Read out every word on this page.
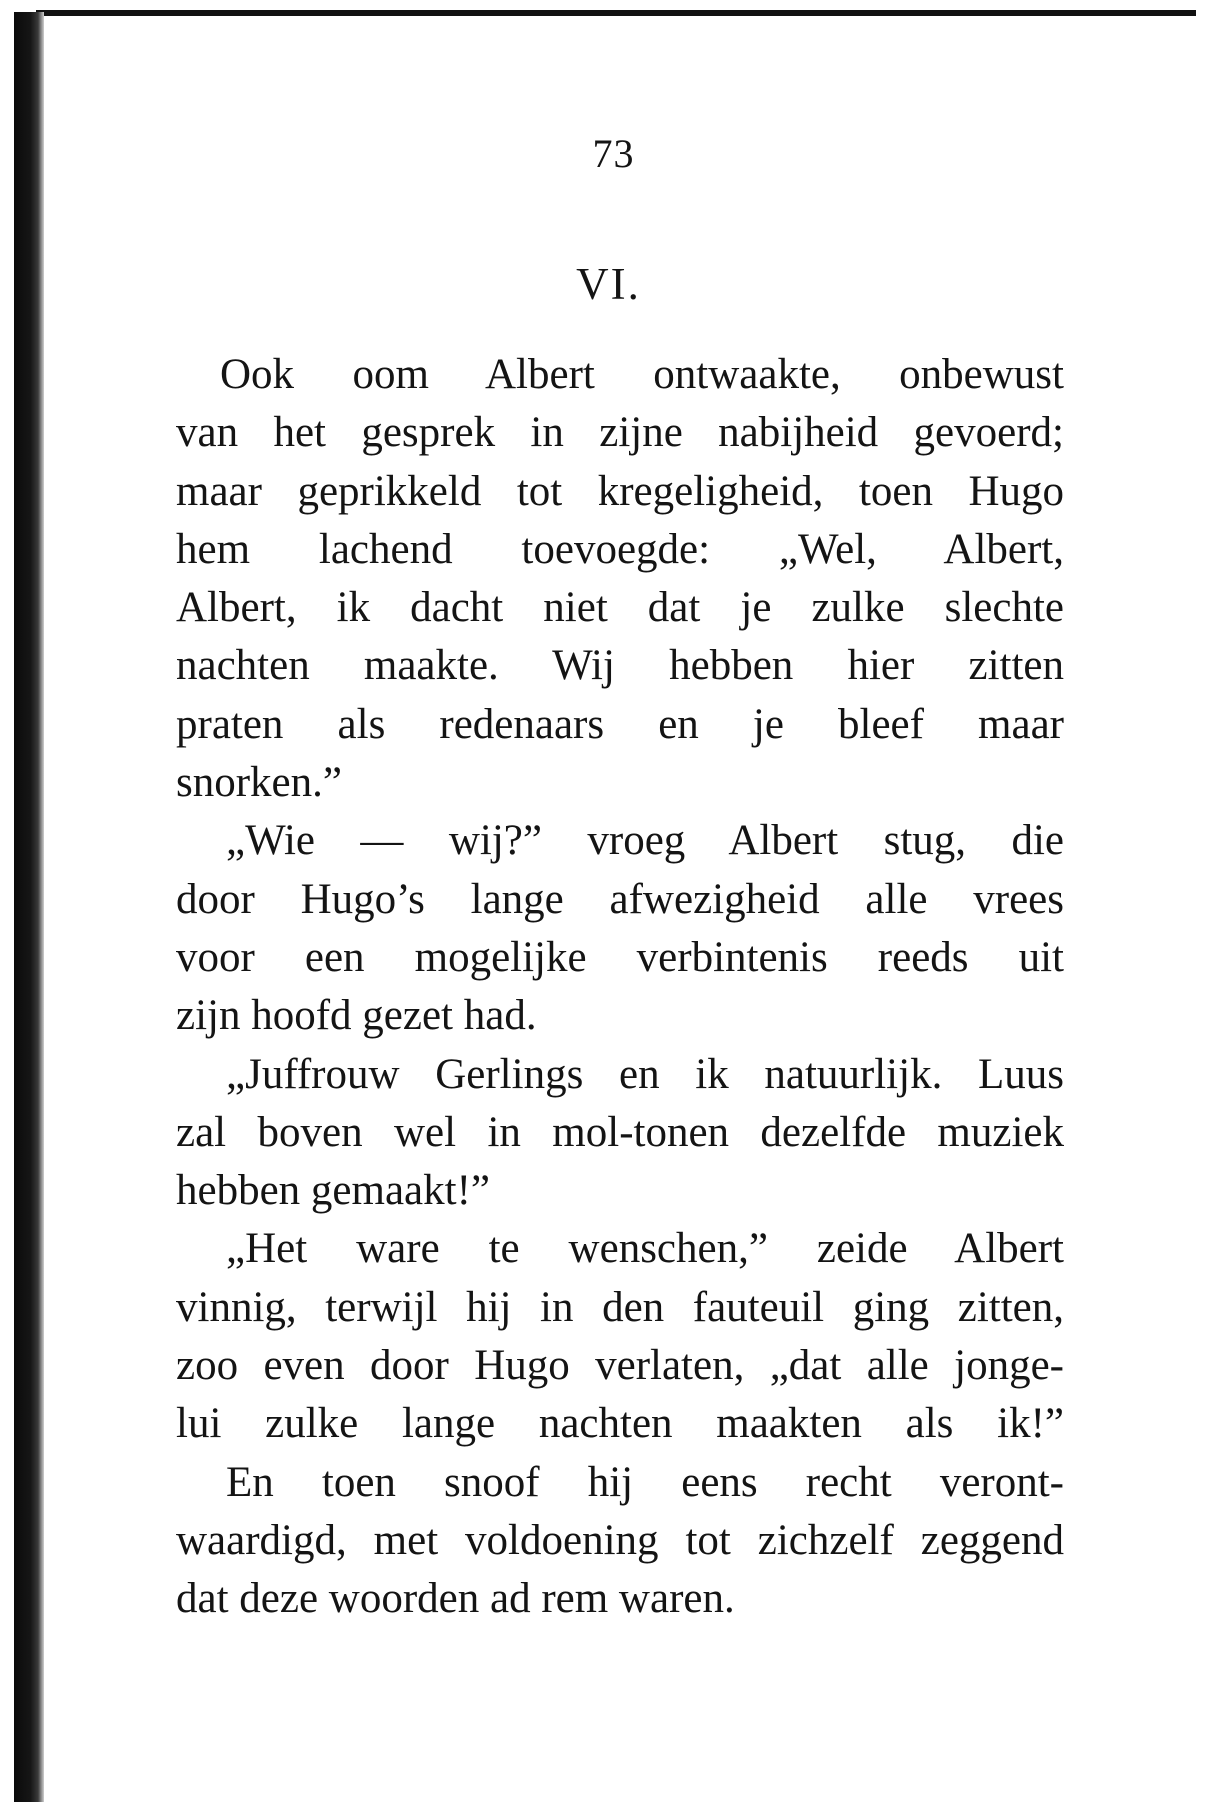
73
VI.
Ook oom Albert ontwaakte, onbewust
van het gesprek in zijne nabijheid gevoerd;
maar geprikkeld tot kregeligheid, toen Hugo
hem lachend toevoegde: „Wel, Albert,
Albert, ik dacht niet dat je zulke slechte
nachten maakte. Wij hebben hier zitten
praten als redenaars en je bleef maar
snorken.”
„Wie — wij?” vroeg Albert stug, die
door Hugo’s lange afwezigheid alle vrees
voor een mogelijke verbintenis reeds uit
zijn hoofd gezet had.
„Juffrouw Gerlings en ik natuurlijk. Luus
zal boven wel in mol-tonen dezelfde muziek
hebben gemaakt!”
„Het ware te wenschen,” zeide Albert
vinnig, terwijl hij in den fauteuil ging zitten,
zoo even door Hugo verlaten, „dat alle jonge-
lui zulke lange nachten maakten als ik!”
En toen snoof hij eens recht veront-
waardigd, met voldoening tot zichzelf zeggend
dat deze woorden ad rem waren.
